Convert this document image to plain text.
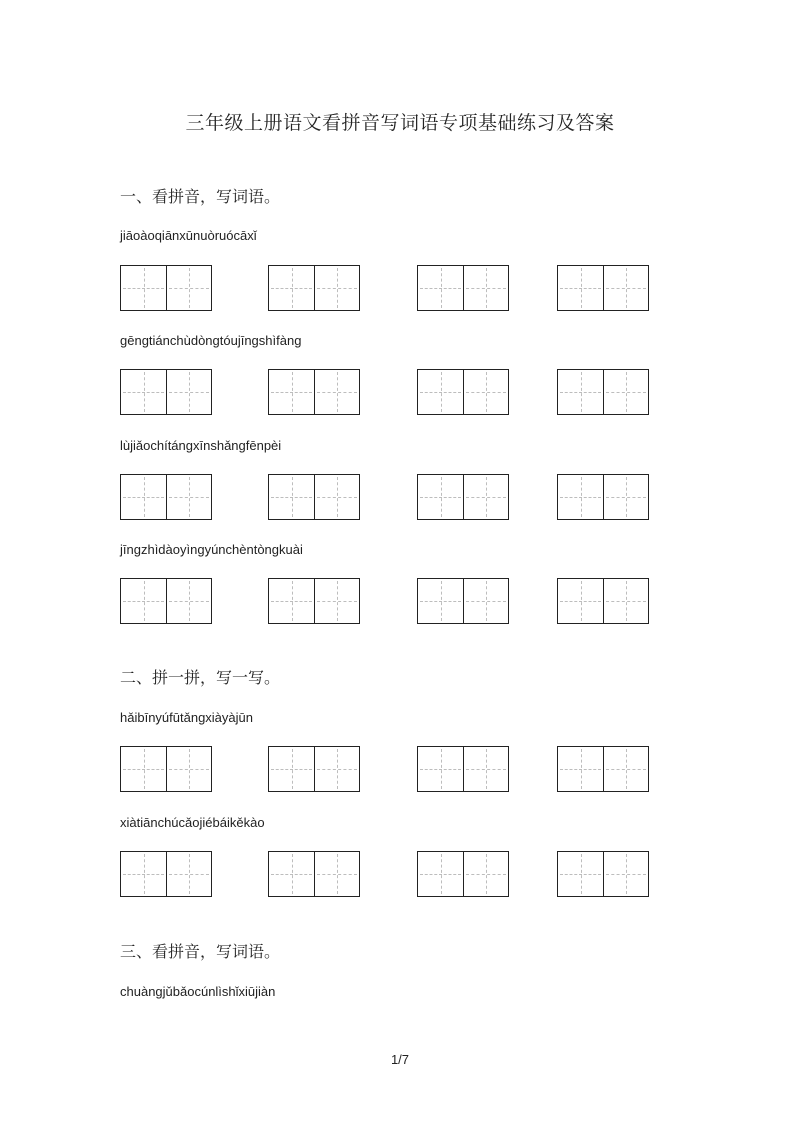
三年级上册语文看拼音写词语专项基础练习及答案
一、看拼音，写词语。
jiāoàoqiānxūnuòruócāxǐ
gēngtiánchùdòngtóujīngshìfàng
lùjiǎochítángxīnshǎngfēnpèi
jīngzhìdàoyìngyúnchèntòngkuài
二、拼一拼，写一写。
hǎibīnyúfūtǎngxiàyàjūn
xiàtiānchúcǎojiébáikěkào
三、看拼音，写词语。
chuàngjǔbǎocúnlìshǐxiūjiàn
1/7
